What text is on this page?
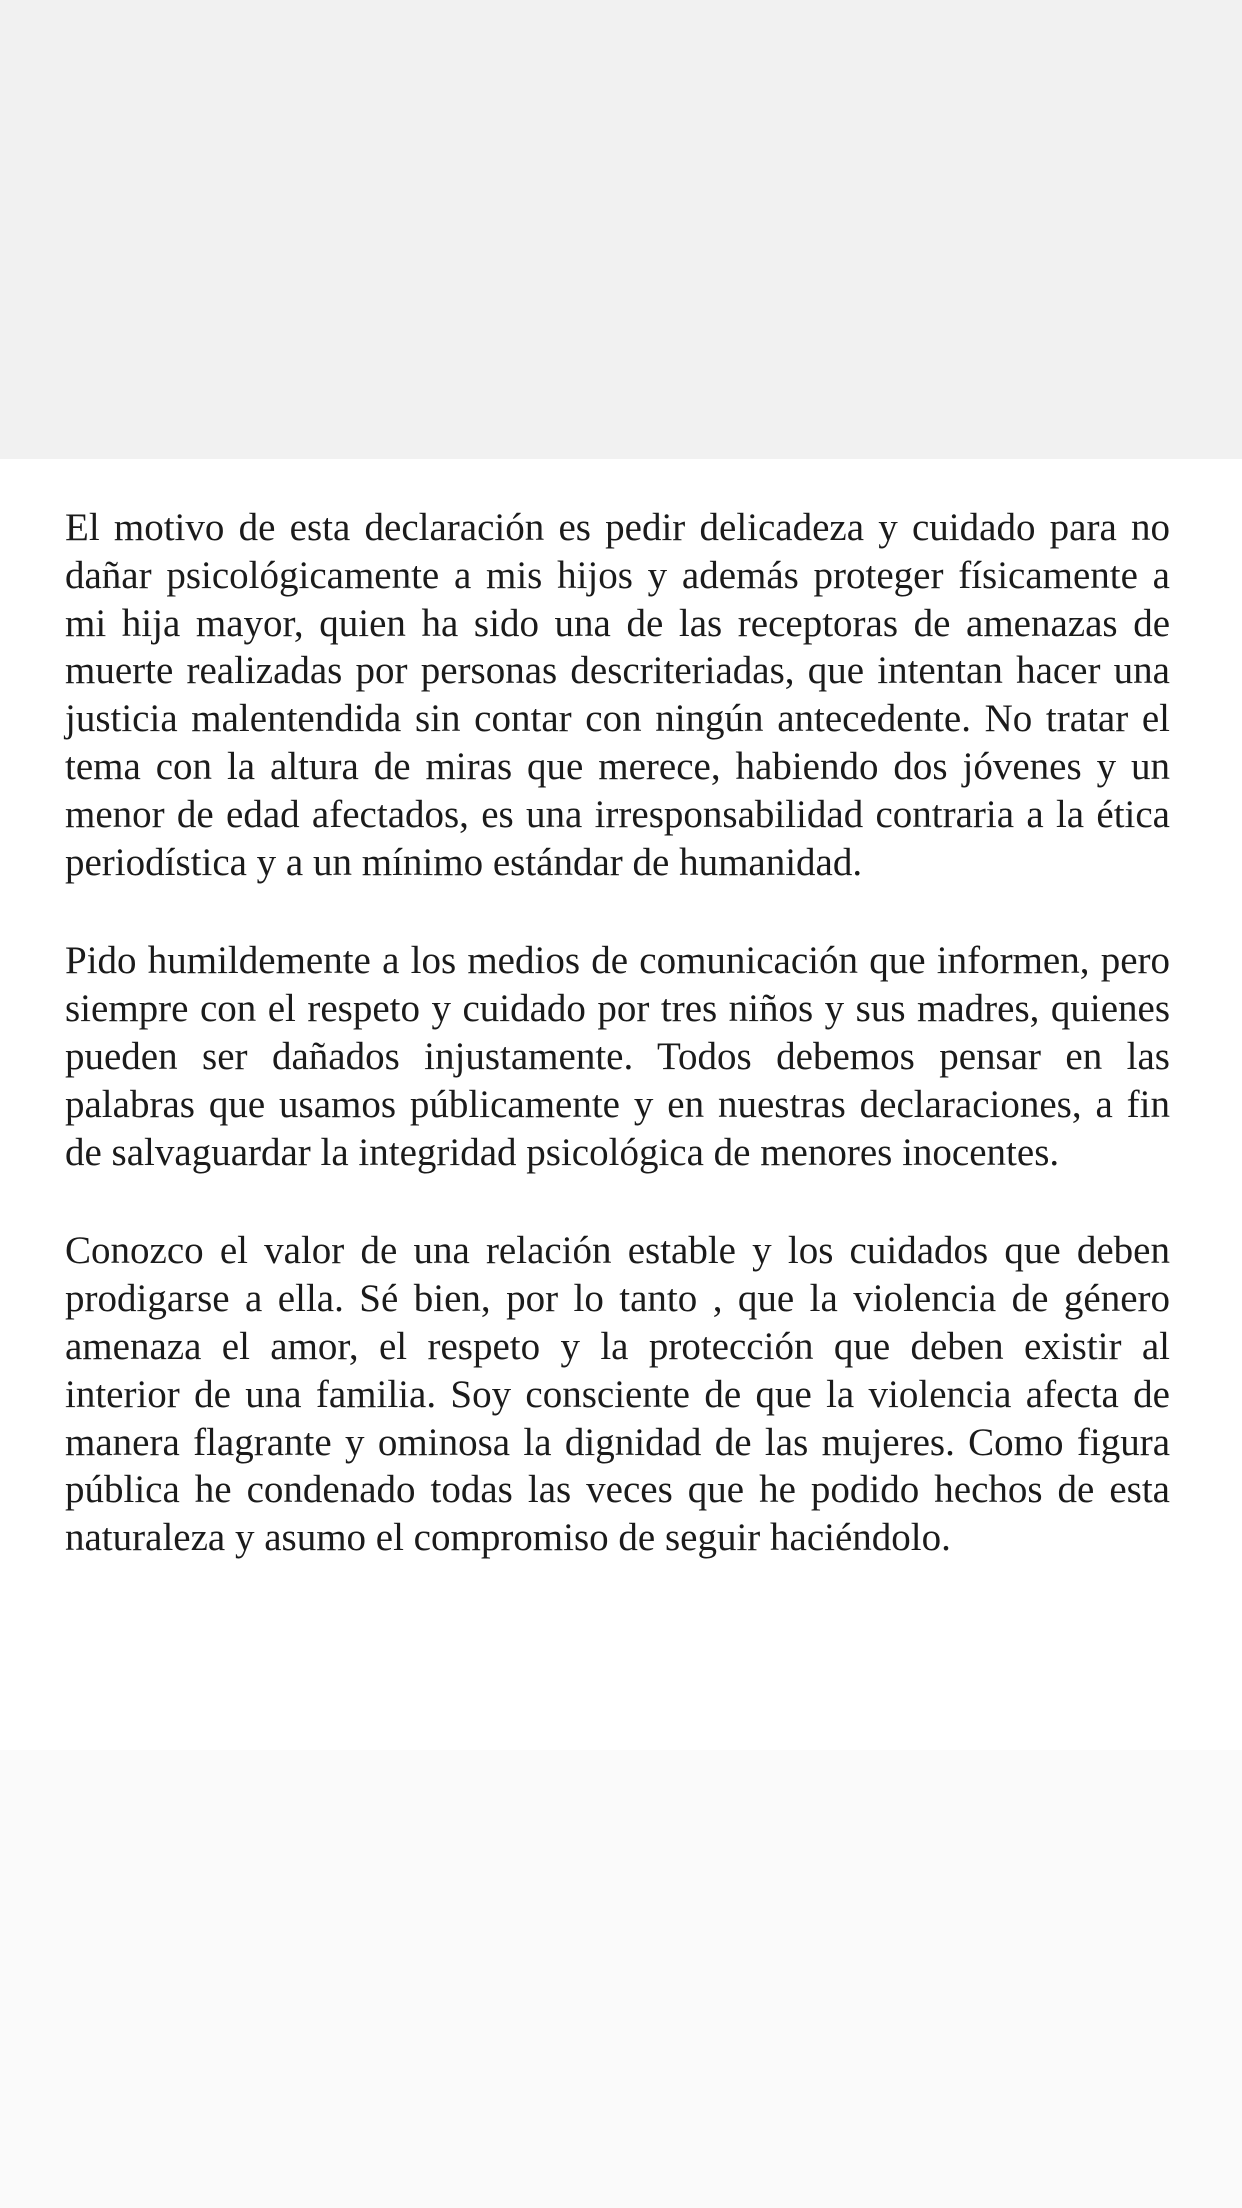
El motivo de esta declaración es pedir delicadeza y cuidado para no dañar psicológicamente a mis hijos y además proteger físicamente a mi hija mayor, quien ha sido una de las receptoras de amenazas de muerte realizadas por personas descriteriadas, que intentan hacer una justicia malentendida sin contar con ningún antecedente. No tratar el tema con la altura de miras que merece, habiendo dos jóvenes y un menor de edad afectados, es una irresponsabilidad contraria a la ética periodística y a un mínimo estándar de humanidad.

Pido humildemente a los medios de comunicación que informen, pero siempre con el respeto y cuidado por tres niños y sus madres, quienes pueden ser dañados injustamente. Todos debemos pensar en las palabras que usamos públicamente y en nuestras declaraciones, a fin de salvaguardar la integridad psicológica de menores inocentes.

Conozco el valor de una relación estable y los cuidados que deben prodigarse a ella. Sé bien, por lo tanto , que la violencia de género amenaza el amor, el respeto y la protección que deben existir al interior de una familia. Soy consciente de que la violencia afecta de manera flagrante y ominosa la dignidad de las mujeres. Como figura pública he condenado todas las veces que he podido hechos de esta naturaleza y asumo el compromiso de seguir haciéndolo.
